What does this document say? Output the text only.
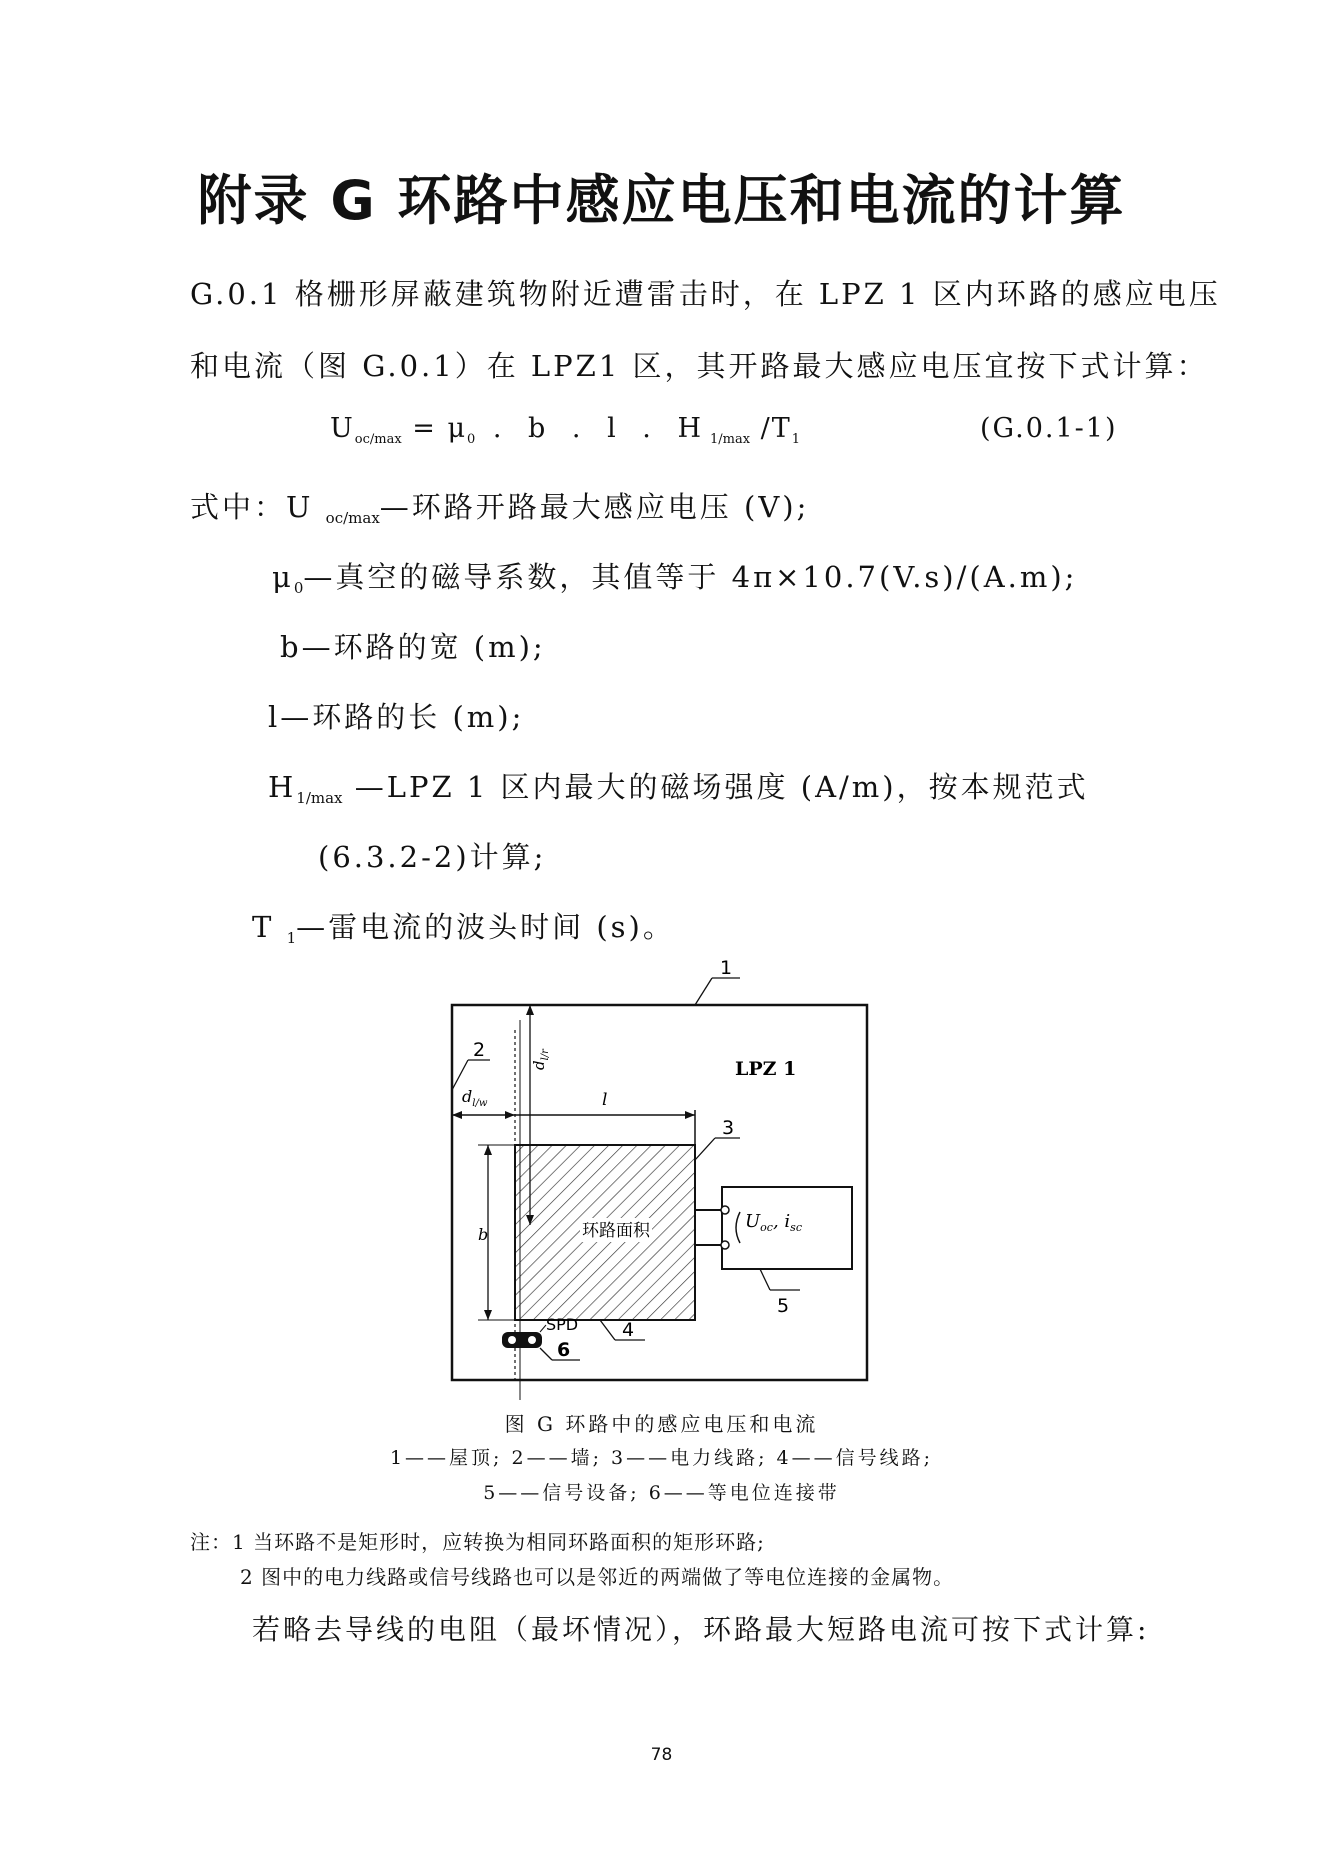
附录 G 环路中感应电压和电流的计算
G.0.1 格栅形屏蔽建筑物附近遭雷击时，在 LPZ 1 区内环路的感应电压
和电流（图 G.0.1）在 LPZ1 区，其开路最大感应电压宜按下式计算：
$U_{oc/max} = \mu_0$ . b . l . $H_{1/max}$ $/T_1$	(G.0.1-1)
式中：U $_{oc/max}$—环路开路最大感应电压 (V);
$\mu_0—$真空的磁导系数，其值等于 4π×10.7(V.s)/(A.m);
b—环路的宽 (m);
l—环路的长 (m);
$H_{1/max}$ —LPZ 1 区内最大的磁场强度 (A/m)，按本规范式
(6.3.2-2)计算;
T $_1$—雷电流的波头时间 (s)。
环路面积	$U_{oc}$, $i_{sc}$
LPZ 1
$d_{l/w}$	l
$d_{l/r}$
b
SPD
1
2
3
4
5
6
图 G 环路中的感应电压和电流
1——屋顶; 2——墙; 3——电力线路; 4——信号线路;
5——信号设备; 6——等电位连接带
注：1 当环路不是矩形时，应转换为相同环路面积的矩形环路;
2 图中的电力线路或信号线路也可以是邻近的两端做了等电位连接的金属物。
若略去导线的电阻（最坏情况），环路最大短路电流可按下式计算:
78
